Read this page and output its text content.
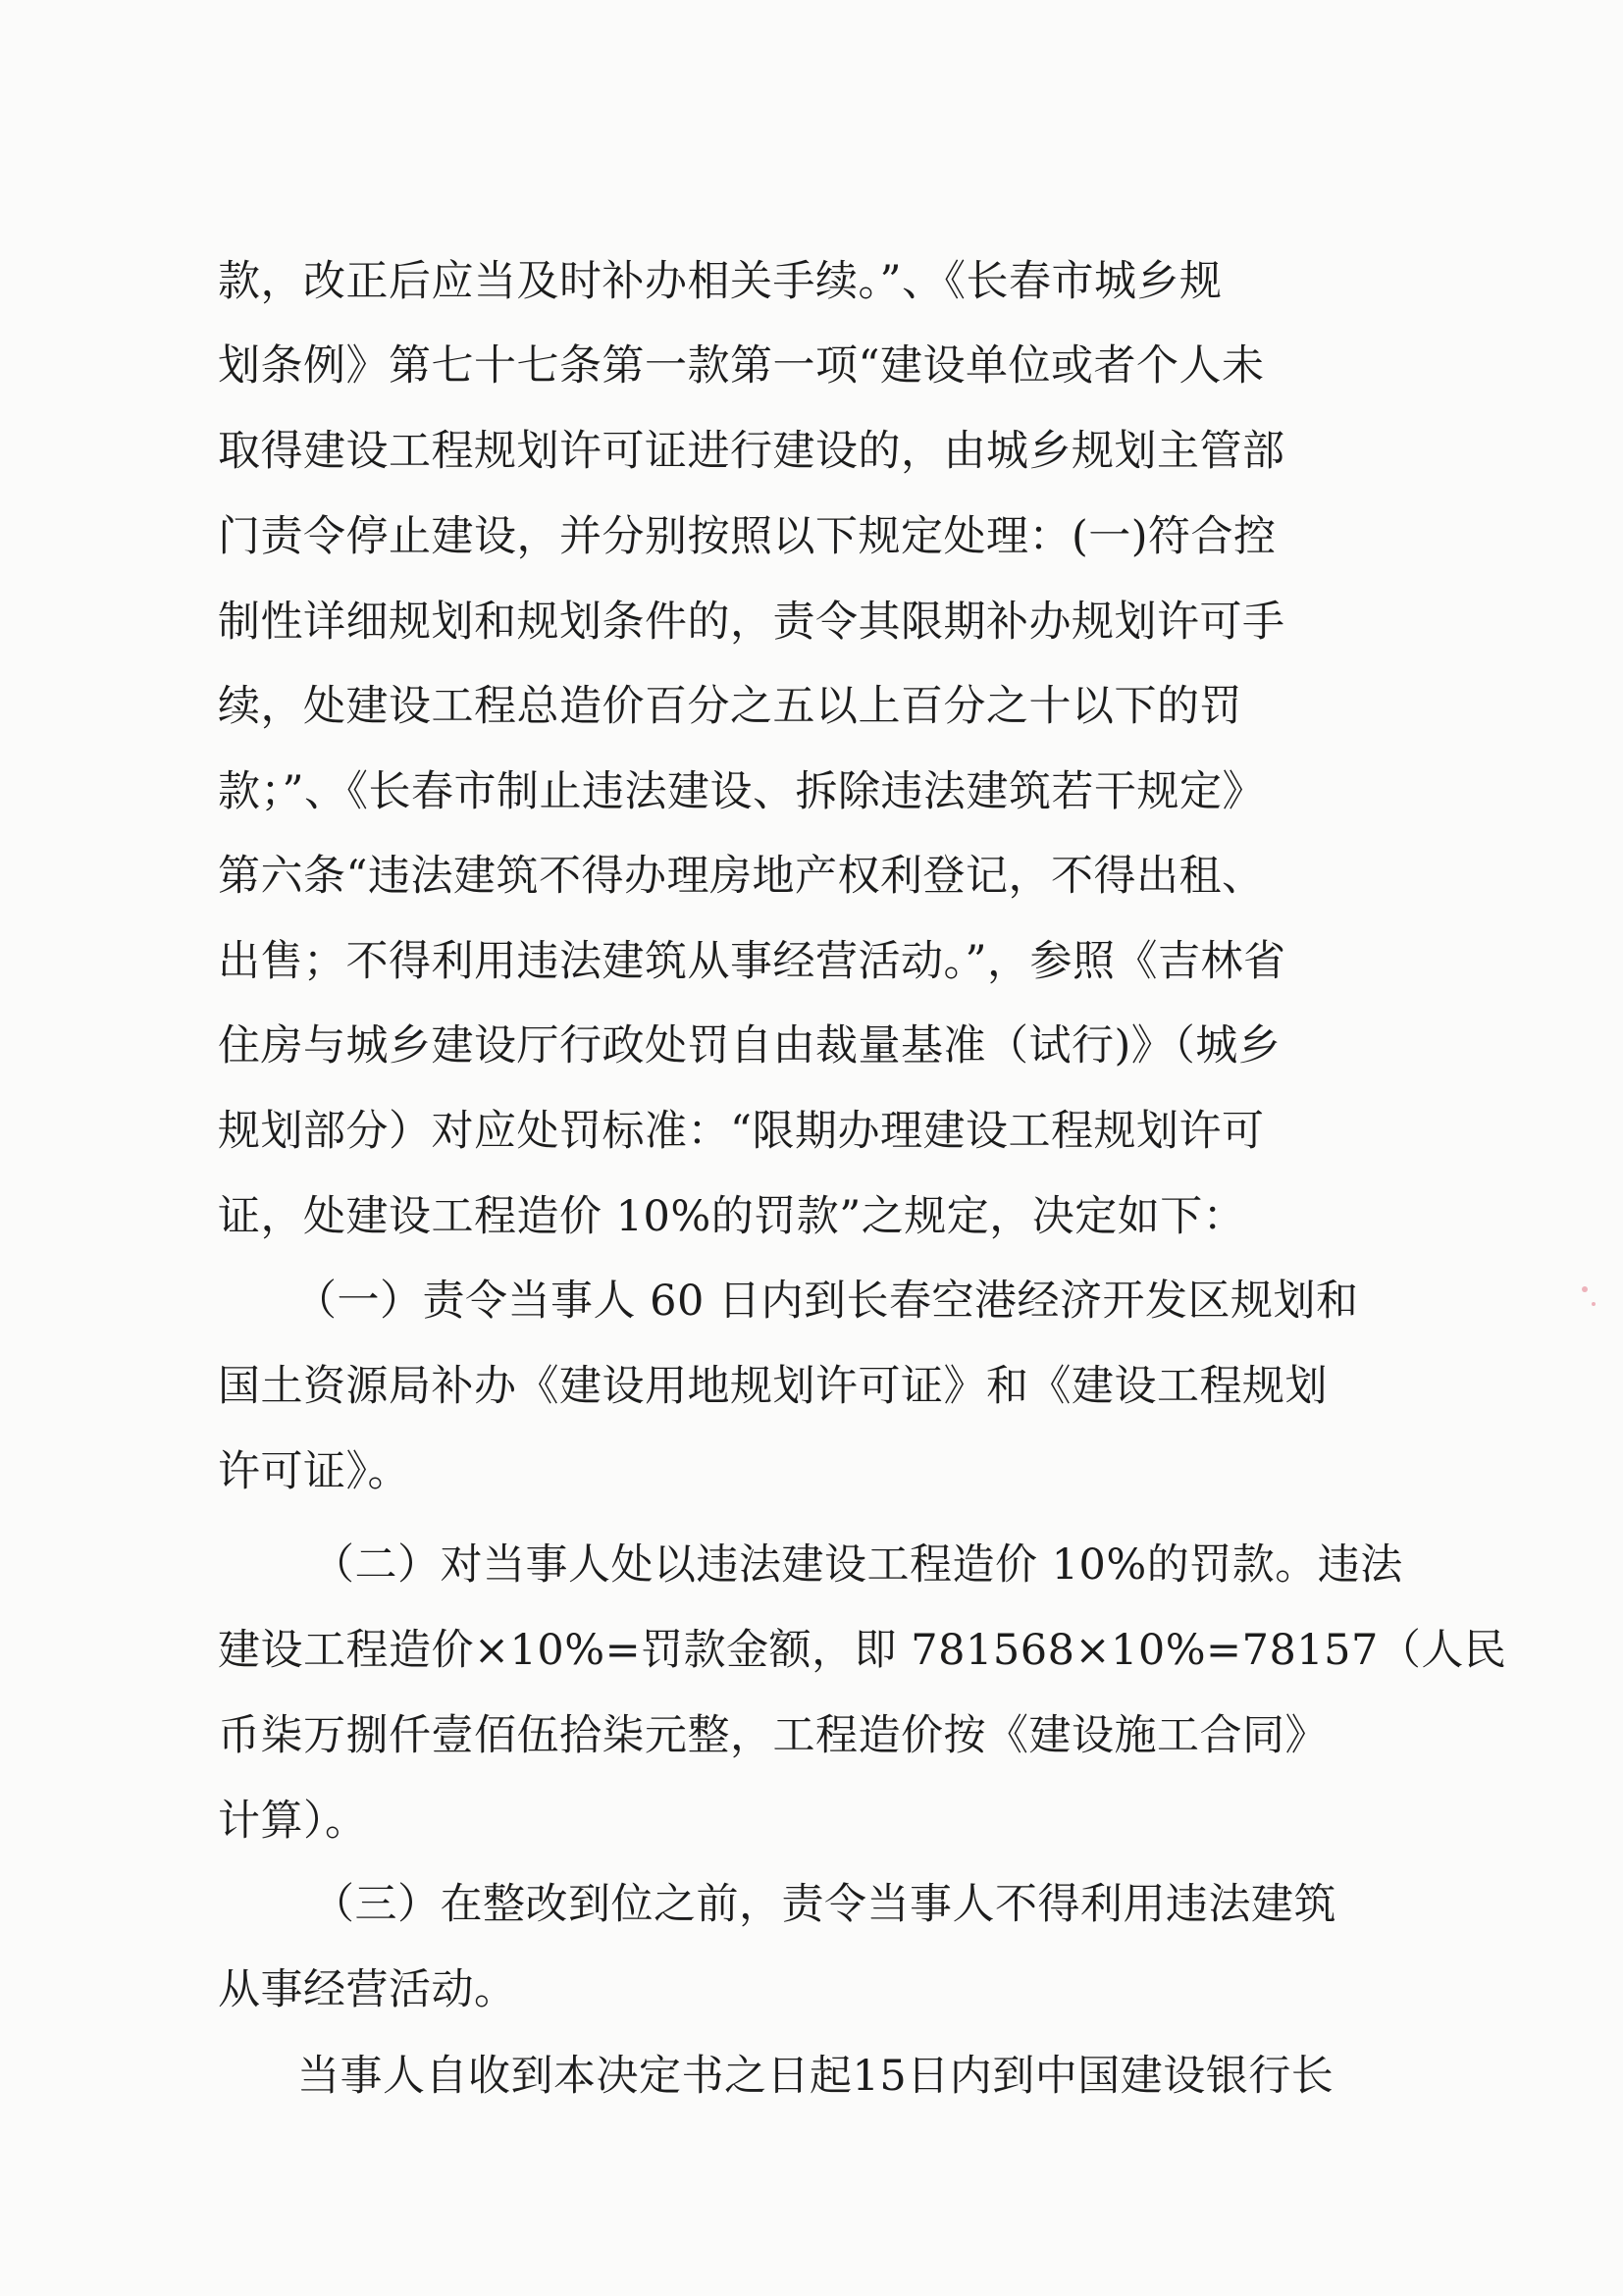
款，改正后应当及时补办相关手续。”、《长春市城乡规
划条例》第七十七条第一款第一项“建设单位或者个人未
取得建设工程规划许可证进行建设的，由城乡规划主管部
门责令停止建设，并分别按照以下规定处理：(一)符合控
制性详细规划和规划条件的，责令其限期补办规划许可手
续，处建设工程总造价百分之五以上百分之十以下的罚
款；”、《长春市制止违法建设、拆除违法建筑若干规定》
第六条“违法建筑不得办理房地产权利登记，不得出租、
出售；不得利用违法建筑从事经营活动。”，参照《吉林省
住房与城乡建设厅行政处罚自由裁量基准（试行)》（城乡
规划部分）对应处罚标准：“限期办理建设工程规划许可
证，处建设工程造价 10%的罚款”之规定，决定如下：
（一）责令当事人 60 日内到长春空港经济开发区规划和
国土资源局补办《建设用地规划许可证》和《建设工程规划
许可证》。
（二）对当事人处以违法建设工程造价 10%的罚款。违法
建设工程造价×10%=罚款金额，即 781568×10%=78157（人民
币柒万捌仟壹佰伍拾柒元整，工程造价按《建设施工合同》
计算）。
（三）在整改到位之前，责令当事人不得利用违法建筑
从事经营活动。
当事人自收到本决定书之日起15日内到中国建设银行长
